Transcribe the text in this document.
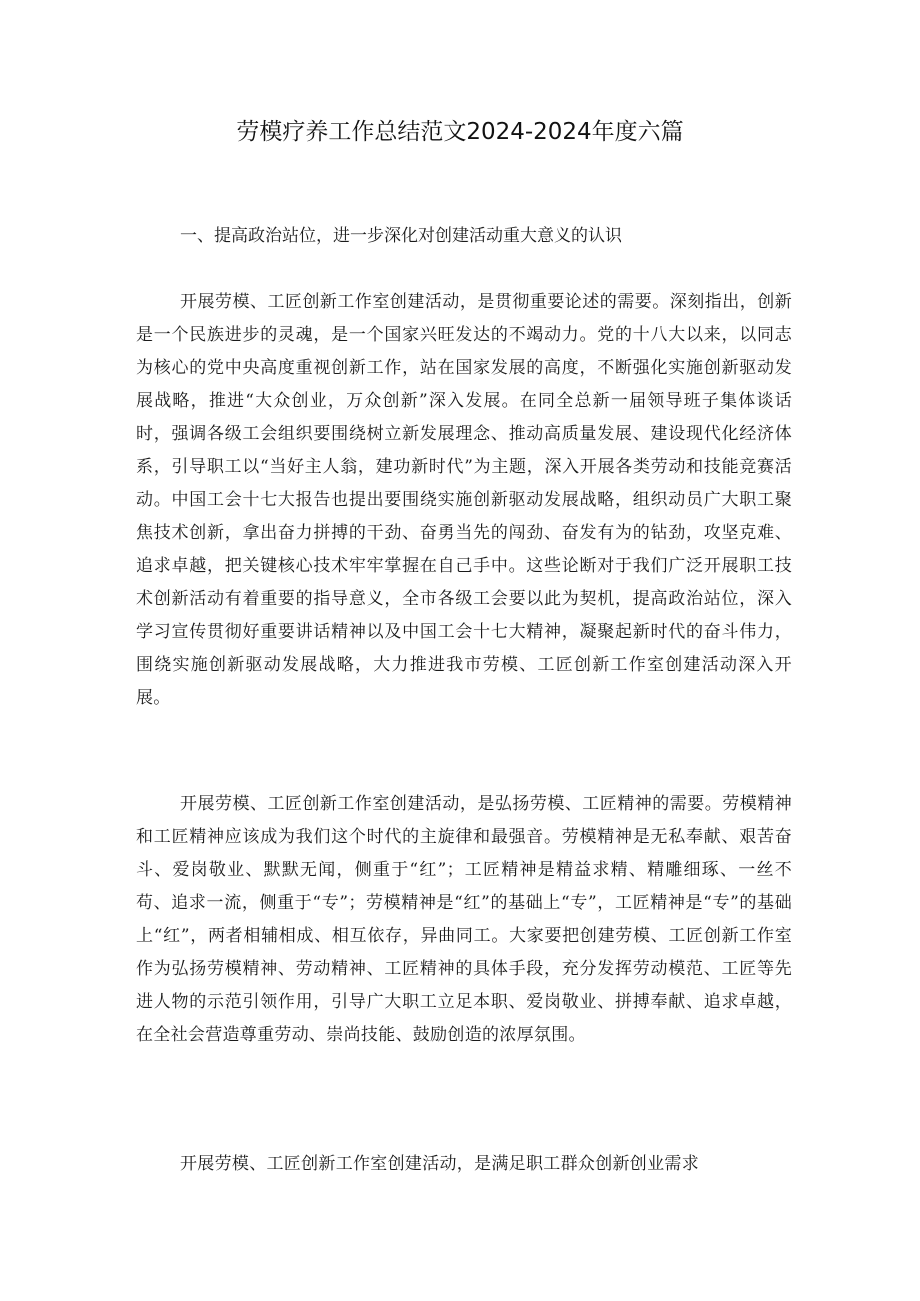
劳模疗养工作总结范文2024-2024年度六篇
一、提高政治站位，进一步深化对创建活动重大意义的认识

开展劳模、工匠创新工作室创建活动，是贯彻重要论述的需要。深刻指出，创新是一个民族进步的灵魂，是一个国家兴旺发达的不竭动力。党的十八大以来，以同志为核心的党中央高度重视创新工作，站在国家发展的高度，不断强化实施创新驱动发展战略，推进“大众创业，万众创新”深入发展。在同全总新一届领导班子集体谈话时，强调各级工会组织要围绕树立新发展理念、推动高质量发展、建设现代化经济体系，引导职工以“当好主人翁，建功新时代”为主题，深入开展各类劳动和技能竞赛活动。中国工会十七大报告也提出要围绕实施创新驱动发展战略，组织动员广大职工聚焦技术创新，拿出奋力拼搏的干劲、奋勇当先的闯劲、奋发有为的钻劲，攻坚克难、追求卓越，把关键核心技术牢牢掌握在自己手中。这些论断对于我们广泛开展职工技术创新活动有着重要的指导意义，全市各级工会要以此为契机，提高政治站位，深入学习宣传贯彻好重要讲话精神以及中国工会十七大精神，凝聚起新时代的奋斗伟力，围绕实施创新驱动发展战略，大力推进我市劳模、工匠创新工作室创建活动深入开展。

开展劳模、工匠创新工作室创建活动，是弘扬劳模、工匠精神的需要。劳模精神和工匠精神应该成为我们这个时代的主旋律和最强音。劳模精神是无私奉献、艰苦奋斗、爱岗敬业、默默无闻，侧重于“红”；工匠精神是精益求精、精雕细琢、一丝不苟、追求一流，侧重于“专”；劳模精神是“红”的基础上“专”，工匠精神是“专”的基础上“红”，两者相辅相成、相互依存，异曲同工。大家要把创建劳模、工匠创新工作室作为弘扬劳模精神、劳动精神、工匠精神的具体手段，充分发挥劳动模范、工匠等先进人物的示范引领作用，引导广大职工立足本职、爱岗敬业、拼搏奉献、追求卓越，在全社会营造尊重劳动、崇尚技能、鼓励创造的浓厚氛围。

开展劳模、工匠创新工作室创建活动，是满足职工群众创新创业需求
